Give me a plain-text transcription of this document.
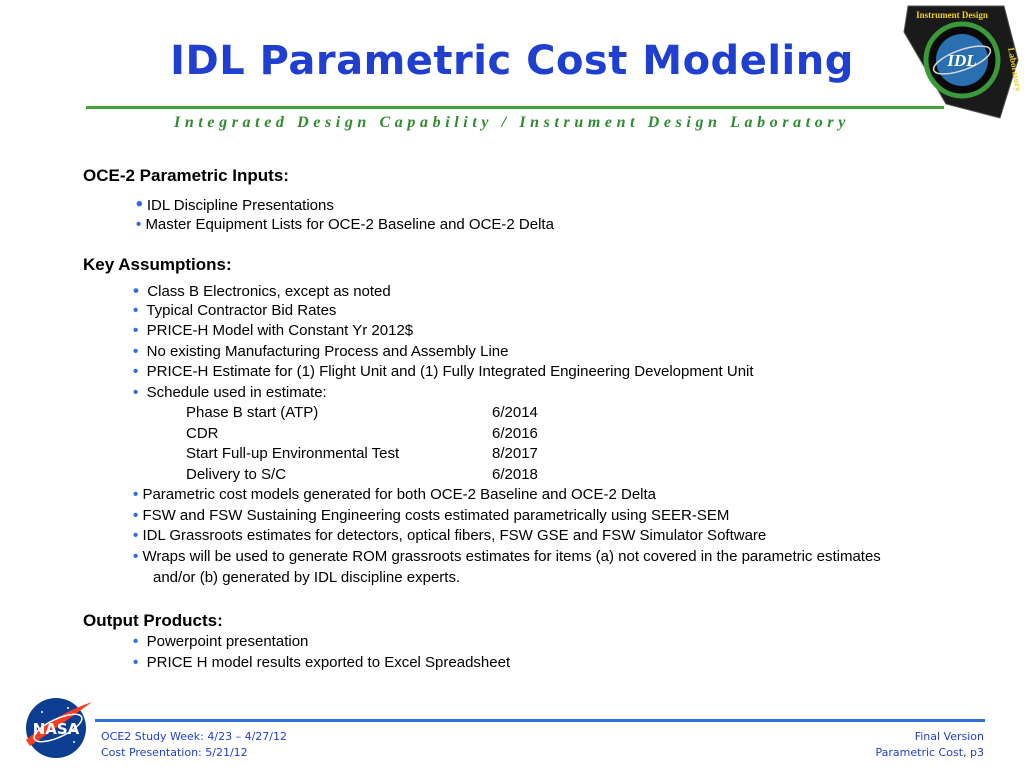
IDL Parametric Cost Modeling
Integrated Design Capability / Instrument Design Laboratory
Instrument Design
Laboratory
IDL
OCE-2 Parametric Inputs:
• IDL Discipline Presentations
• Master Equipment Lists for OCE-2 Baseline and OCE-2 Delta
Key Assumptions:
• Class B Electronics, except as noted
• Typical Contractor Bid Rates
• PRICE-H Model with Constant Yr 2012$
• No existing Manufacturing Process and Assembly Line
• PRICE-H Estimate for (1) Flight Unit and (1) Fully Integrated Engineering Development Unit
• Schedule used in estimate:
Phase B start (ATP)	6/2014
CDR	6/2016
Start Full-up Environmental Test	8/2017
Delivery to S/C	6/2018
• Parametric cost models generated for both OCE-2 Baseline and OCE-2 Delta
• FSW and FSW Sustaining Engineering costs estimated parametrically using SEER-SEM
• IDL Grassroots estimates for detectors, optical fibers, FSW GSE and FSW Simulator Software
• Wraps will be used to generate ROM grassroots estimates for items (a) not covered in the parametric estimates
and/or (b) generated by IDL discipline experts.
Output Products:
• Powerpoint presentation
• PRICE H model results exported to Excel Spreadsheet
NASA OCE2 Study Week: 4/23 – 4/27/12
Cost Presentation: 5/21/12
Final Version
Parametric Cost, p3
